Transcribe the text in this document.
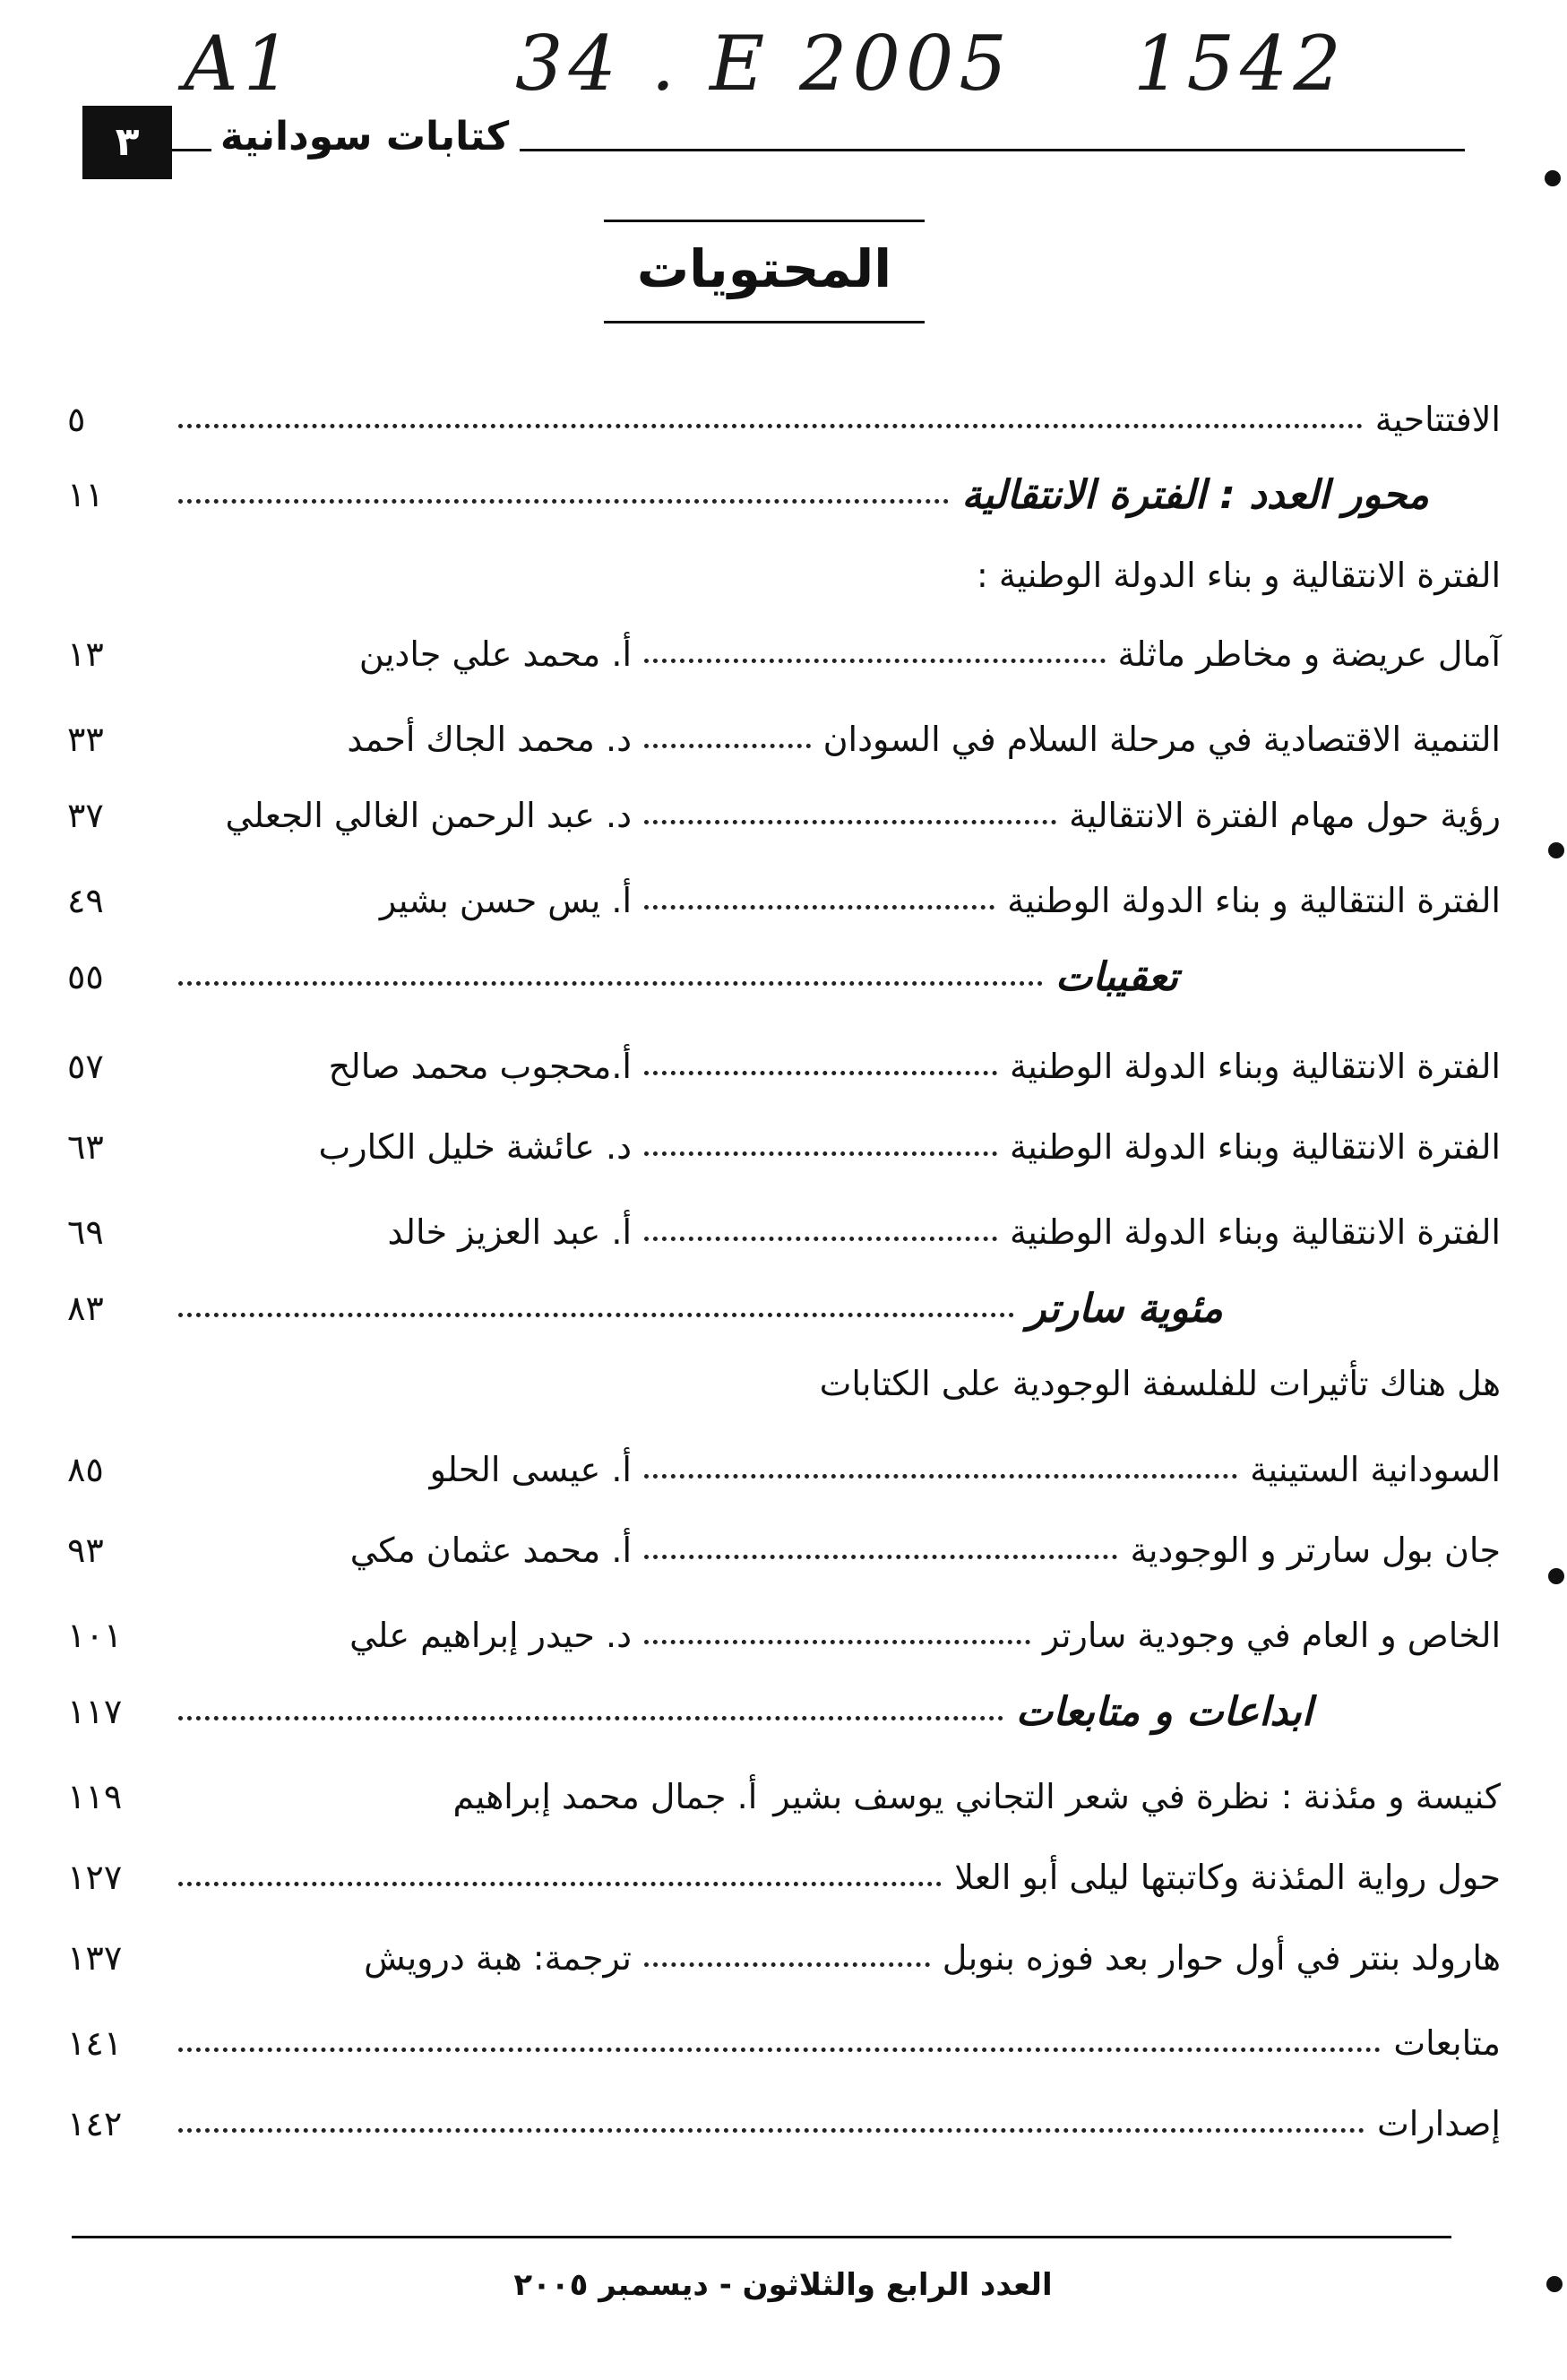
A1	34 . E 2005 1542
كتابات سودانية
٣
المحتويات
الافتتاحية
٥
محور العدد : الفترة الانتقالية
١١
الفترة الانتقالية و بناء الدولة الوطنية :
آمال عريضة و مخاطر ماثلة
أ. محمد علي جادين
١٣
التنمية الاقتصادية في مرحلة السلام في السودان
د. محمد الجاك أحمد
٣٣
رؤية حول مهام الفترة الانتقالية
د. عبد الرحمن الغالي الجعلي
٣٧
الفترة النتقالية و بناء الدولة الوطنية
أ. يس حسن بشير
٤٩
تعقيبات
٥٥
الفترة الانتقالية وبناء الدولة الوطنية
أ.محجوب محمد صالح
٥٧
الفترة الانتقالية وبناء الدولة الوطنية
د. عائشة خليل الكارب
٦٣
الفترة الانتقالية وبناء الدولة الوطنية
أ. عبد العزيز خالد
٦٩
مئوية سارتر
٨٣
هل هناك تأثيرات للفلسفة الوجودية على الكتابات
السودانية الستينية
أ. عيسى الحلو
٨٥
جان بول سارتر و الوجودية
أ. محمد عثمان مكي
٩٣
الخاص و العام في وجودية سارتر
د. حيدر إبراهيم علي
١٠١
ابداعات و متابعات
١١٧
كنيسة و مئذنة : نظرة في شعر التجاني يوسف بشير
أ. جمال محمد إبراهيم
١١٩
حول رواية المئذنة وكاتبتها ليلى أبو العلا
١٢٧
هارولد بنتر في أول حوار بعد فوزه بنوبل
ترجمة: هبة درويش
١٣٧
متابعات
١٤١
إصدارات
١٤٢
العدد الرابع والثلاثون - ديسمبر ٢٠٠٥
